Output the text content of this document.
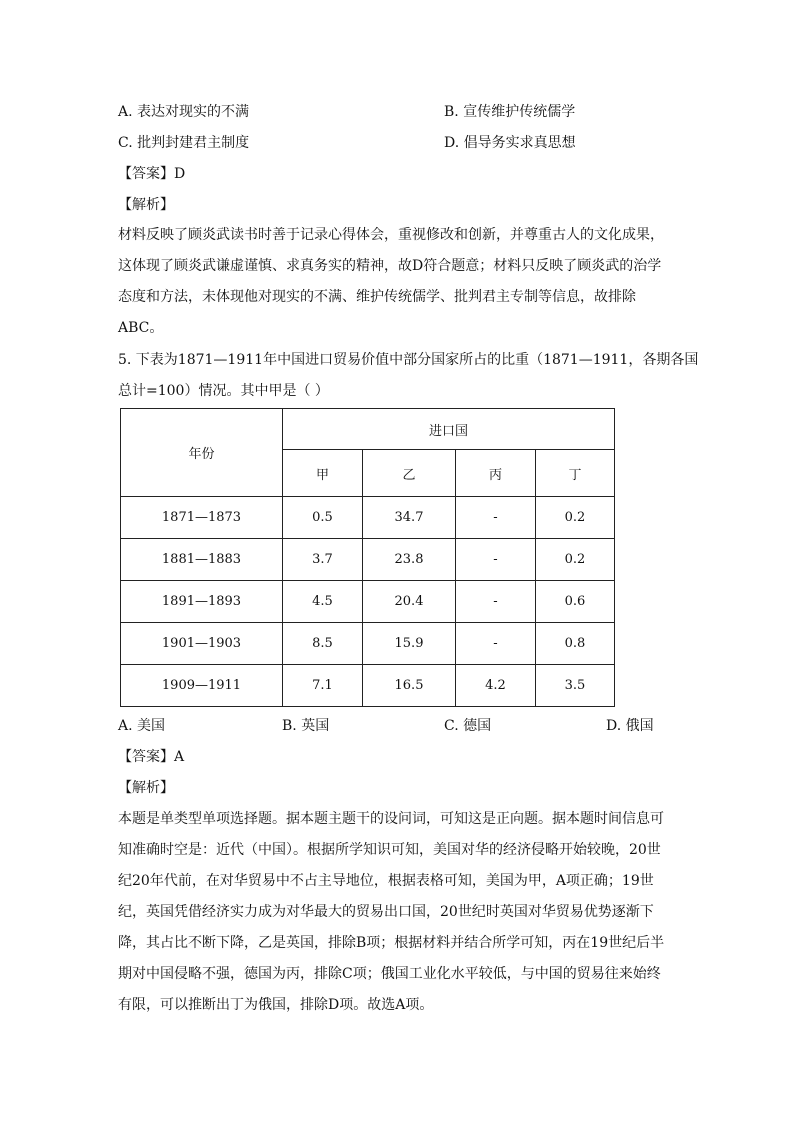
A. 表达对现实的不满	B. 宣传维护传统儒学
C. 批判封建君主制度	D. 倡导务实求真思想
【答案】D
【解析】
材料反映了顾炎武读书时善于记录心得体会，重视修改和创新，并尊重古人的文化成果，
这体现了顾炎武谦虚谨慎、求真务实的精神，故D符合题意；材料只反映了顾炎武的治学
态度和方法，未体现他对现实的不满、维护传统儒学、批判君主专制等信息，故排除
ABC。
5. 下表为1871—1911年中国进口贸易价值中部分国家所占的比重（1871—1911，各期各国
总计=100）情况。其中甲是（ ）
年份	进口国			
	甲	乙	丙	丁
1871—1873	0.5	34.7	-	0.2
1881—1883	3.7	23.8	-	0.2
1891—1893	4.5	20.4	-	0.6
1901—1903	8.5	15.9	-	0.8
1909—1911	7.1	16.5	4.2	3.5
A. 美国	B. 英国	C. 德国	D. 俄国
【答案】A
【解析】
本题是单类型单项选择题。据本题主题干的设问词，可知这是正向题。据本题时间信息可
知准确时空是：近代（中国）。根据所学知识可知，美国对华的经济侵略开始较晚，20世
纪20年代前，在对华贸易中不占主导地位，根据表格可知，美国为甲，A项正确；19世
纪，英国凭借经济实力成为对华最大的贸易出口国，20世纪时英国对华贸易优势逐渐下
降，其占比不断下降，乙是英国，排除B项；根据材料并结合所学可知，丙在19世纪后半
期对中国侵略不强，德国为丙，排除C项；俄国工业化水平较低，与中国的贸易往来始终
有限，可以推断出丁为俄国，排除D项。故选A项。
